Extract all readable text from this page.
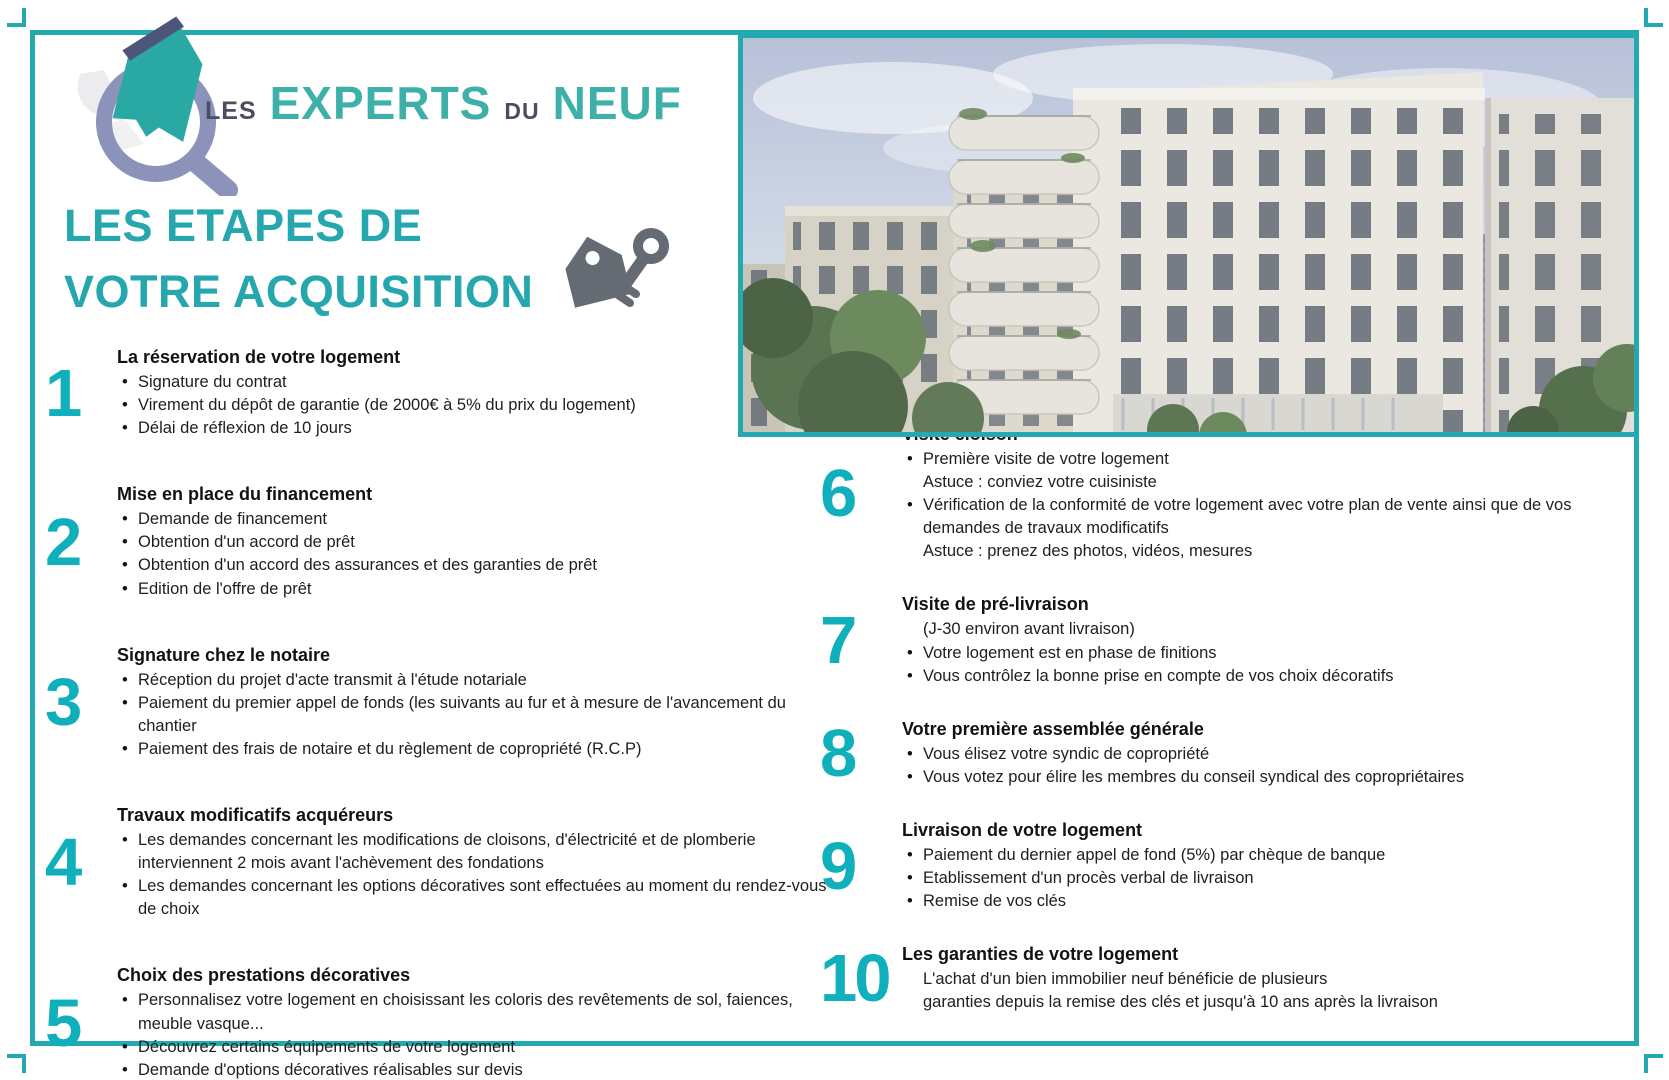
LES EXPERTS DU NEUF
LES ETAPES DE
VOTRE ACQUISITION
1	La réservation de votre logement
• Signature du contrat
• Virement du dépôt de garantie (de 2000€ à 5% du prix du logement)
• Délai de réflexion de 10 jours
2
Mise en place du financement
• Demande de financement
• Obtention d'un accord de prêt
• Obtention d'un accord des assurances et des garanties de prêt
• Edition de l'offre de prêt
3
Signature chez le notaire
• Réception du projet d'acte transmit à l'étude notariale
• Paiement du premier appel de fonds (les suivants au fur et à mesure de l'avancement du chantier
• Paiement des frais de notaire et du règlement de copropriété (R.C.P)
4
Travaux modificatifs acquéreurs
• Les demandes concernant les modifications de cloisons, d'électricité et de plomberie interviennent 2 mois avant l'achèvement des fondations
• Les demandes concernant les options décoratives sont effectuées au moment du rendez-vous de choix
5
Choix des prestations décoratives
• Personnalisez votre logement en choisissant les coloris des revêtements de sol, faiences, meuble vasque...
• Découvrez certains équipements de votre logement
• Demande d'options décoratives réalisables sur devis
6	• Première visite de votre logement
Astuce : conviez votre cuisiniste
• Vérification de la conformité de votre logement avec votre plan de vente ainsi que de vos demandes de travaux modificatifs
Astuce : prenez des photos, vidéos, mesures
7	Visite de pré-livraison
(J-30 environ avant livraison)
• Votre logement est en phase de finitions
• Vous contrôlez la bonne prise en compte de vos choix décoratifs
8	Votre première assemblée générale
• Vous élisez votre syndic de copropriété
• Vous votez pour élire les membres du conseil syndical des copropriétaires
9	Livraison de votre logement
• Paiement du dernier appel de fond (5%) par chèque de banque
• Etablissement d'un procès verbal de livraison
• Remise de vos clés
10 Les garanties de votre logement
L'achat d'un bien immobilier neuf bénéficie de plusieurs
garanties depuis la remise des clés et jusqu'à 10 ans après la livraison
